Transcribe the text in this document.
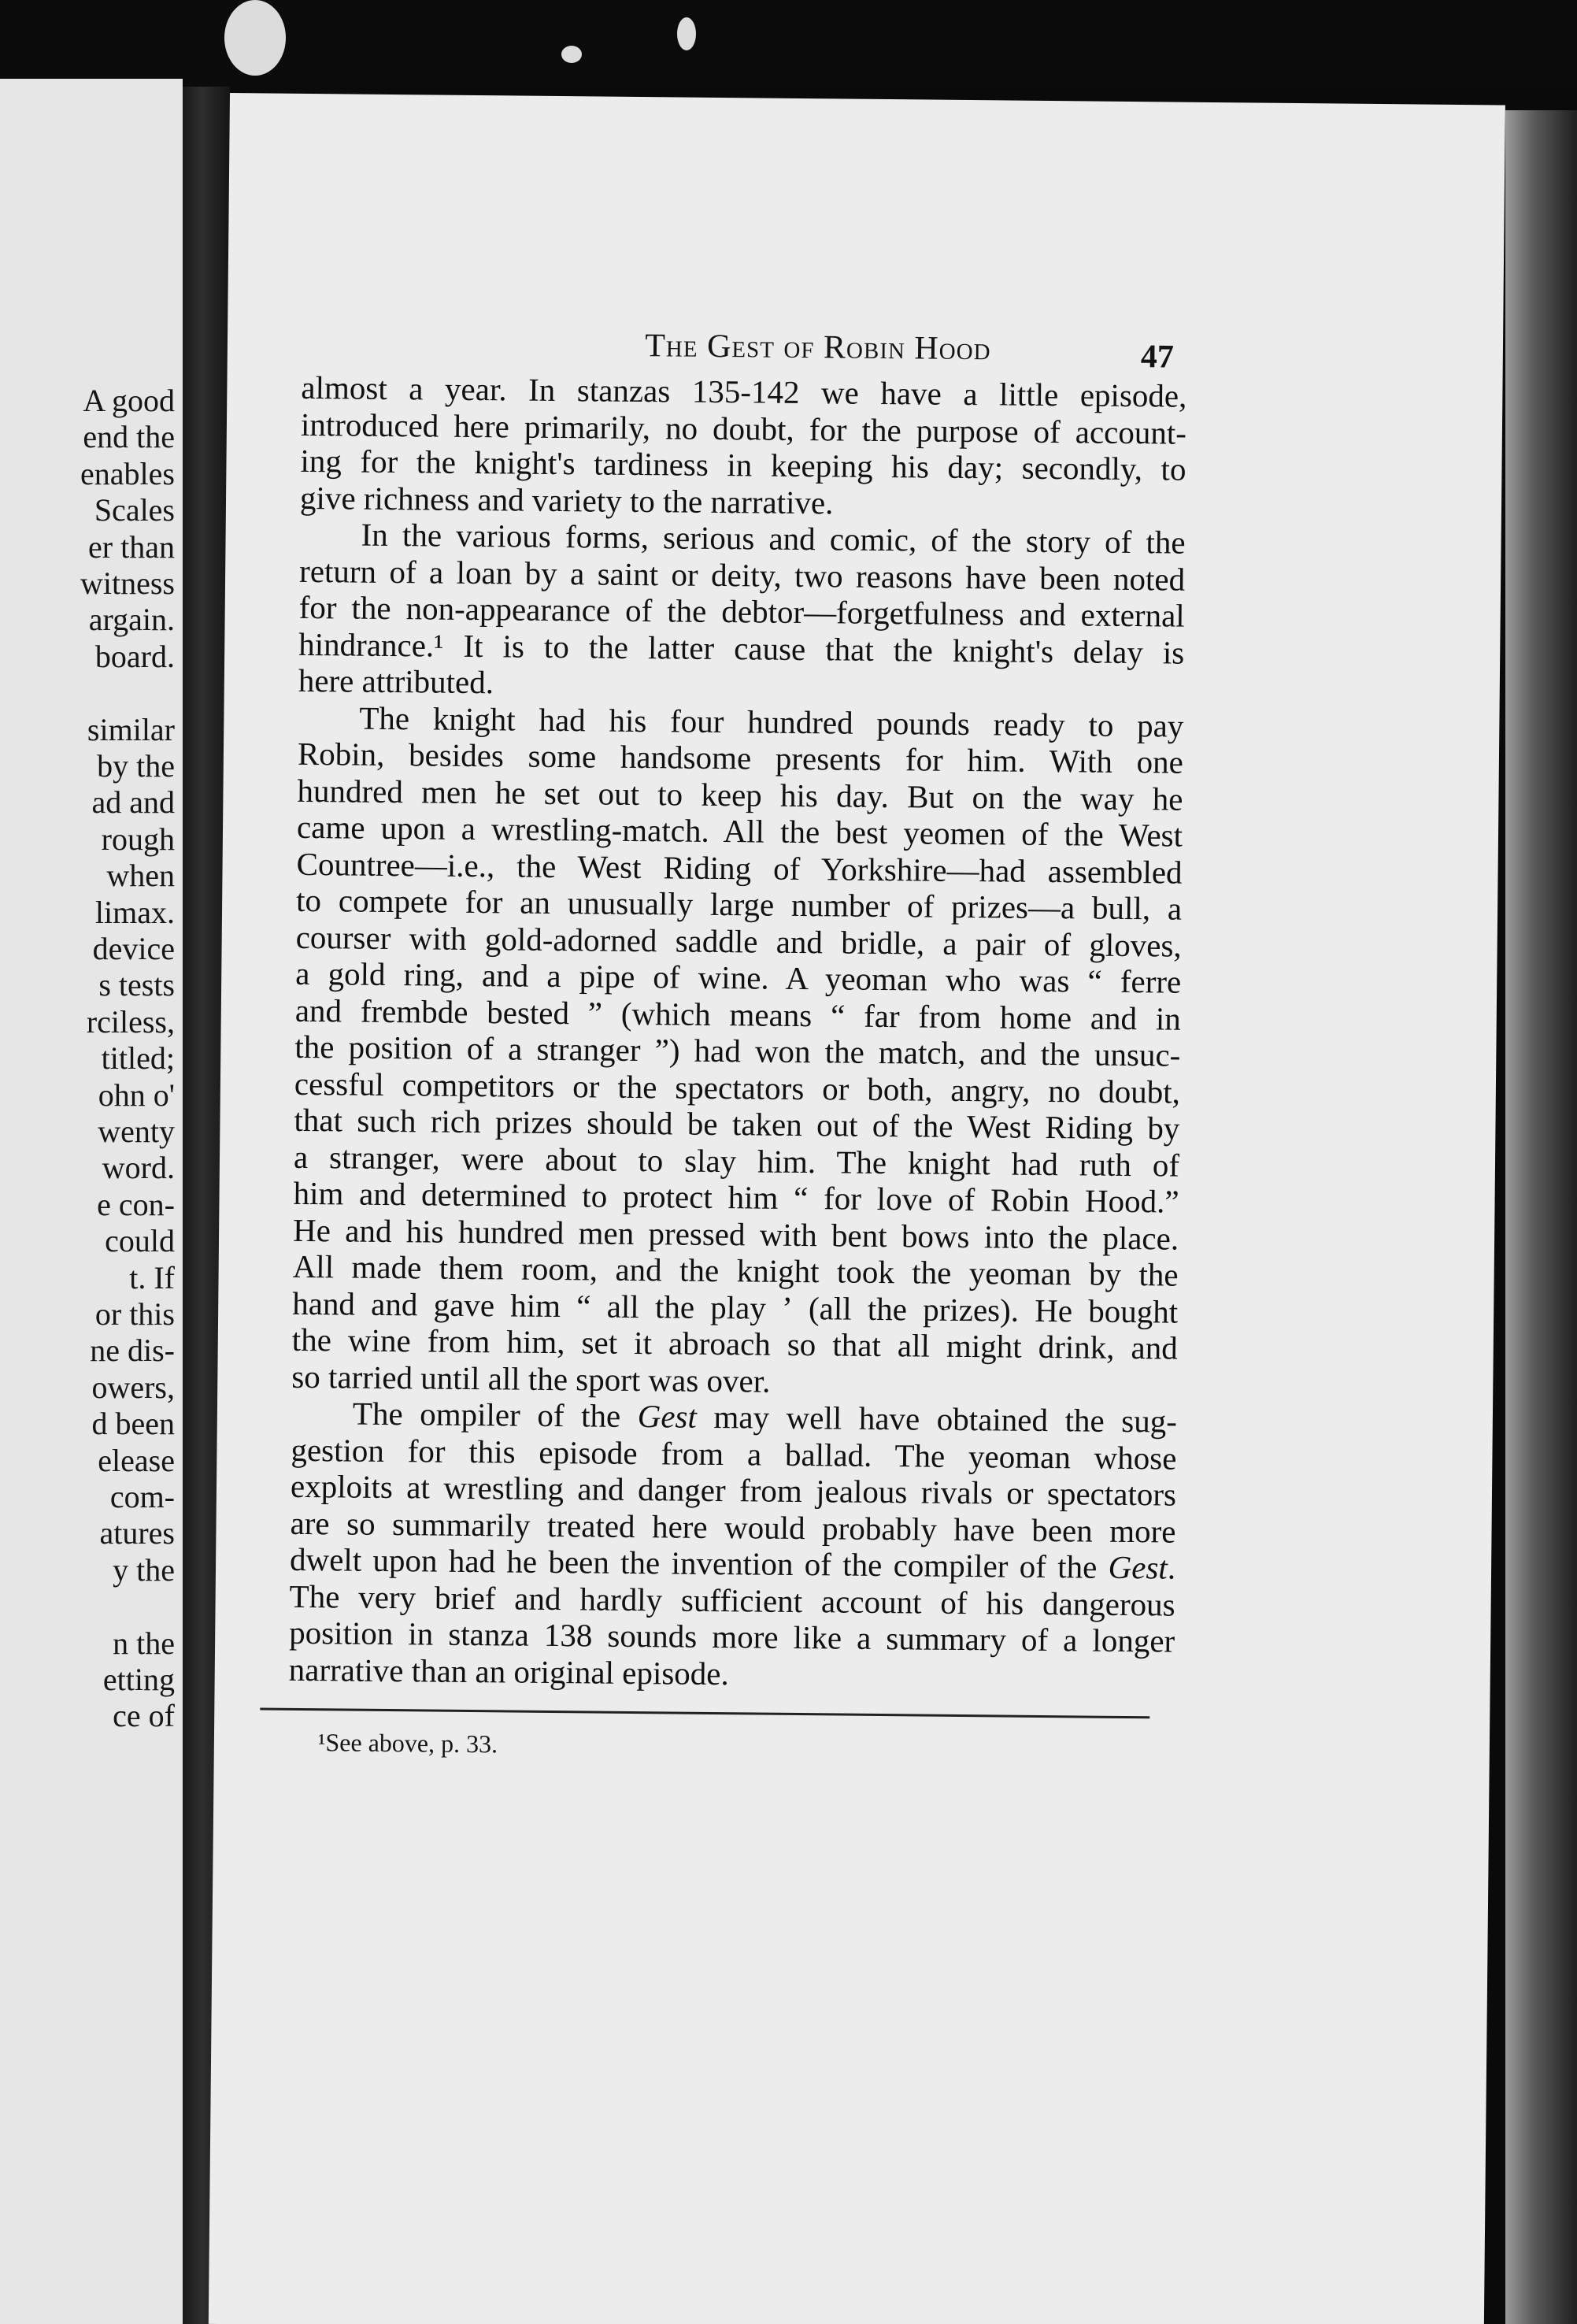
A good
end the
enables
Scales
er than
witness
argain.
board.
similar
by the
ad and
rough
when
limax.
device
s tests
rciless,
titled;
ohn o'
wenty
word.
e con-
could
t. If
or this
ne dis-
owers,
d been
elease
com-
atures
y the
n the
etting
ce of
The Gest of Robin Hood	47
almost a year. In stanzas 135-142 we have a little episode,
introduced here primarily, no doubt, for the purpose of account-
ing for the knight's tardiness in keeping his day; secondly, to
give richness and variety to the narrative.
In the various forms, serious and comic, of the story of the
return of a loan by a saint or deity, two reasons have been noted
for the non-appearance of the debtor—forgetfulness and external
hindrance.¹ It is to the latter cause that the knight's delay is
here attributed.
The knight had his four hundred pounds ready to pay
Robin, besides some handsome presents for him. With one
hundred men he set out to keep his day. But on the way he
came upon a wrestling-match. All the best yeomen of the West
Countree—i.e., the West Riding of Yorkshire—had assembled
to compete for an unusually large number of prizes—a bull, a
courser with gold-adorned saddle and bridle, a pair of gloves,
a gold ring, and a pipe of wine. A yeoman who was “ ferre
and frembde bested ” (which means “ far from home and in
the position of a stranger ”) had won the match, and the unsuc-
cessful competitors or the spectators or both, angry, no doubt,
that such rich prizes should be taken out of the West Riding by
a stranger, were about to slay him. The knight had ruth of
him and determined to protect him “ for love of Robin Hood.”
He and his hundred men pressed with bent bows into the place.
All made them room, and the knight took the yeoman by the
hand and gave him “ all the play ʼ (all the prizes). He bought
the wine from him, set it abroach so that all might drink, and
so tarried until all the sport was over.
The ompiler of the Gest may well have obtained the sug-
gestion for this episode from a ballad. The yeoman whose
exploits at wrestling and danger from jealous rivals or spectators
are so summarily treated here would probably have been more
dwelt upon had he been the invention of the compiler of the Gest.
The very brief and hardly sufficient account of his dangerous
position in stanza 138 sounds more like a summary of a longer
narrative than an original episode.
¹See above, p. 33.
